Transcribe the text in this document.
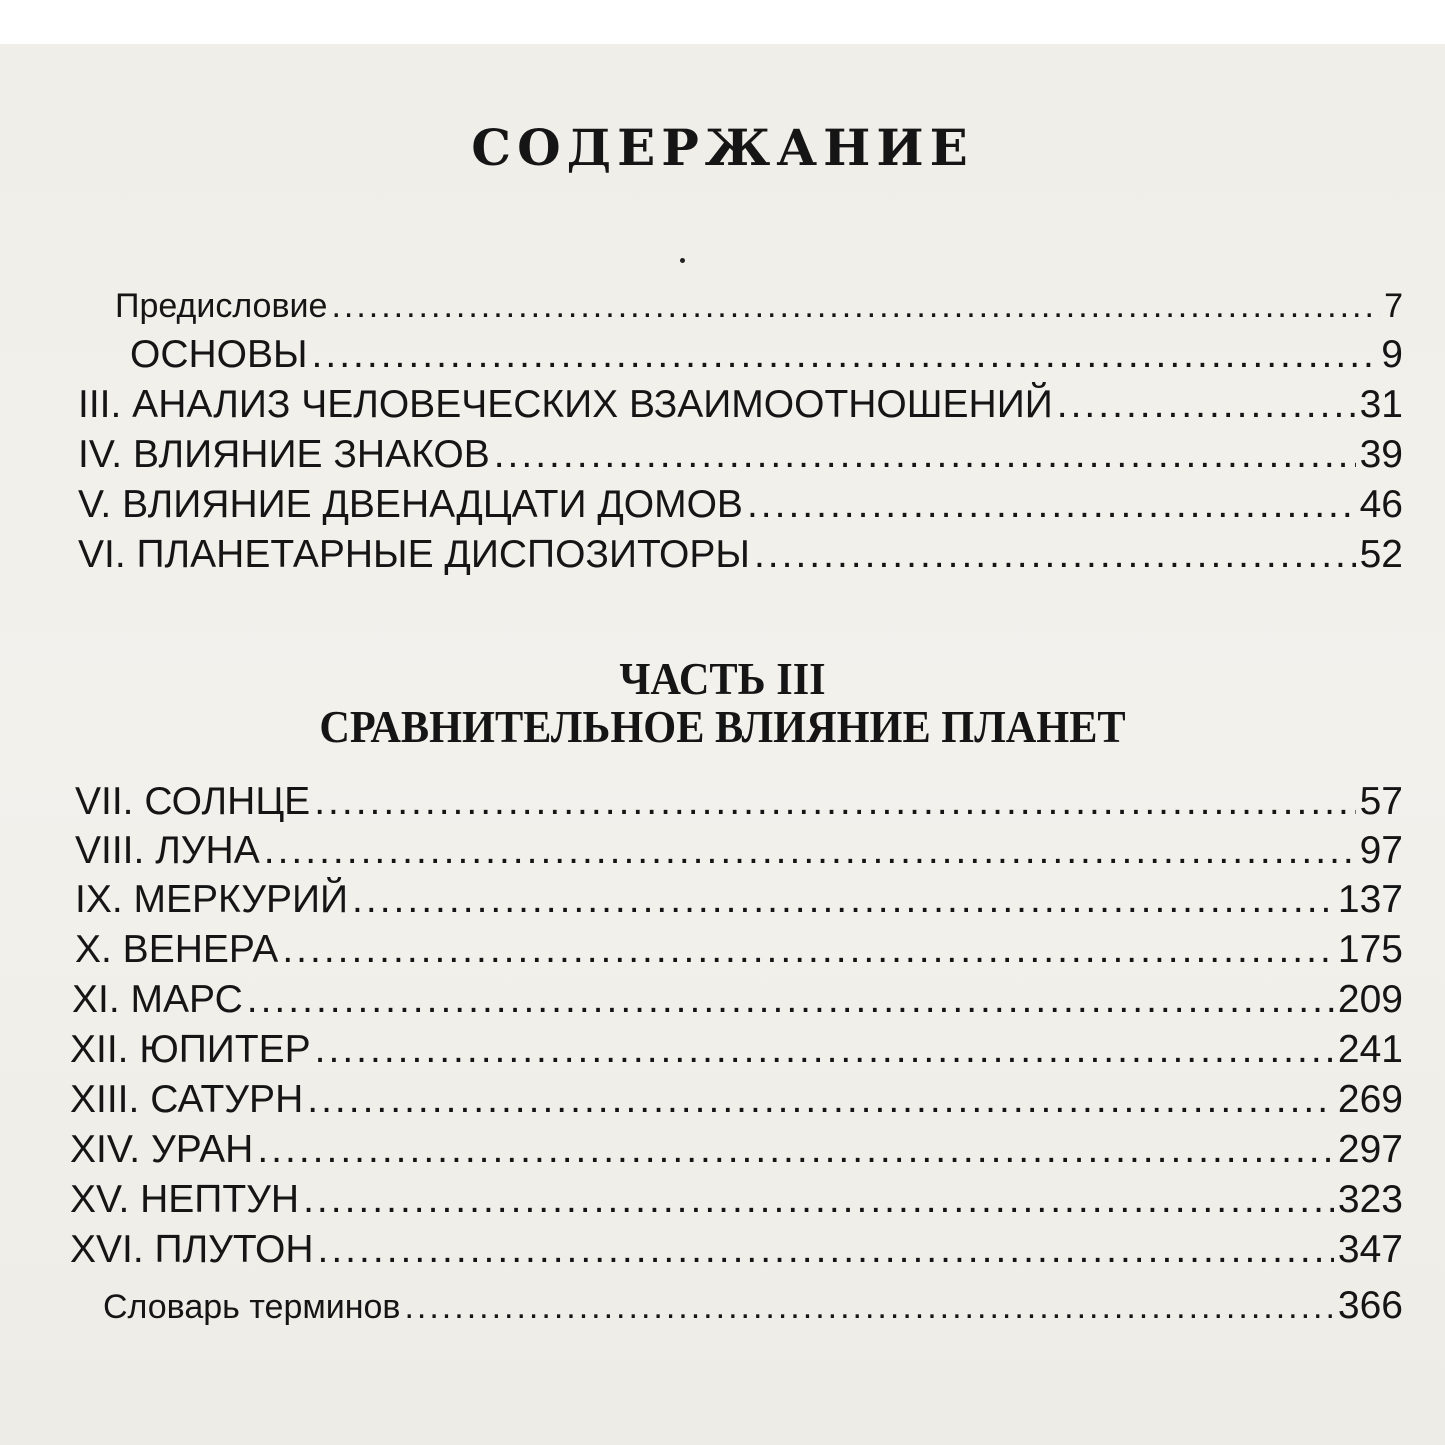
СОДЕРЖАНИЕ
Предисловие .....	7
ОСНОВЫ .....	9
III. АНАЛИЗ ЧЕЛОВЕЧЕСКИХ ВЗАИМООТНОШЕНИЙ .....	31
IV. ВЛИЯНИЕ ЗНАКОВ .....	39
V. ВЛИЯНИЕ ДВЕНАДЦАТИ ДОМОВ .....	46
VI. ПЛАНЕТАРНЫЕ ДИСПОЗИТОРЫ .....	52
ЧАСТЬ III
СРАВНИТЕЛЬНОЕ ВЛИЯНИЕ ПЛАНЕТ
VII. СОЛНЦЕ .....	57
VIII. ЛУНА .....	97
IX. МЕРКУРИЙ .....	137
X. ВЕНЕРА .....	175
XI. МАРС .....	209
XII. ЮПИТЕР .....	241
XIII. САТУРН .....	269
XIV. УРАН .....	297
XV. НЕПТУН .....	323
XVI. ПЛУТОН .....	347
Словарь терминов .....	366
